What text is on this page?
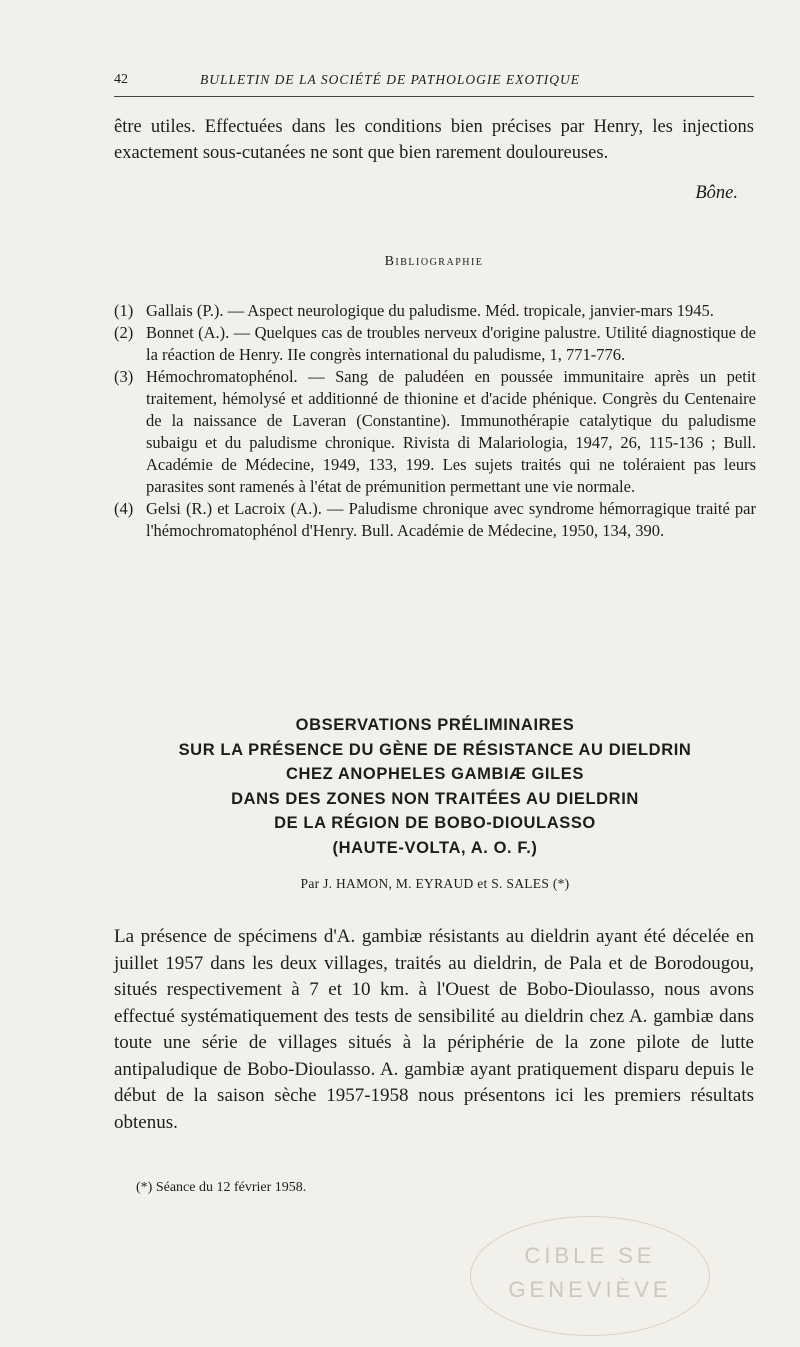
42	BULLETIN DE LA SOCIÉTÉ DE PATHOLOGIE EXOTIQUE

être utiles. Effectuées dans les conditions bien précises par Henry, les injections exactement sous-cutanées ne sont que bien rarement douloureuses.

Bône.
Bibliographie
(1) Gallais (P.). — Aspect neurologique du paludisme. Méd. tropicale, janvier-mars 1945.
(2) Bonnet (A.). — Quelques cas de troubles nerveux d'origine palustre. Utilité diagnostique de la réaction de Henry. IIe congrès international du paludisme, 1, 771-776.
(3) Hémochromatophénol. — Sang de paludéen en poussée immunitaire après un petit traitement, hémolysé et additionné de thionine et d'acide phénique. Congrès du Centenaire de la naissance de Laveran (Constantine). Immunothérapie catalytique du paludisme subaigu et du paludisme chronique. Rivista di Malariologia, 1947, 26, 115-136 ; Bull. Académie de Médecine, 1949, 133, 199. Les sujets traités qui ne toléraient pas leurs parasites sont ramenés à l'état de prémunition permettant une vie normale.
(4) Gelsi (R.) et Lacroix (A.). — Paludisme chronique avec syndrome hémorragique traité par l'hémochromatophénol d'Henry. Bull. Académie de Médecine, 1950, 134, 390.
OBSERVATIONS PRÉLIMINAIRES
SUR LA PRÉSENCE DU GÈNE DE RÉSISTANCE AU DIELDRIN
CHEZ ANOPHELES GAMBIÆ GILES
DANS DES ZONES NON TRAITÉES AU DIELDRIN
DE LA RÉGION DE BOBO-DIOULASSO
(HAUTE-VOLTA, A. O. F.)
Par J. HAMON, M. EYRAUD et S. SALES (*)

La présence de spécimens d'A. gambiæ résistants au dieldrin ayant été décelée en juillet 1957 dans les deux villages, traités au dieldrin, de Pala et de Borodougou, situés respectivement à 7 et 10 km. à l'Ouest de Bobo-Dioulasso, nous avons effectué systématiquement des tests de sensibilité au dieldrin chez A. gambiæ dans toute une série de villages situés à la périphérie de la zone pilote de lutte antipaludique de Bobo-Dioulasso. A. gambiæ ayant pratiquement disparu depuis le début de la saison sèche 1957-1958 nous présentons ici les premiers résultats obtenus.

(*) Séance du 12 février 1958.
CIBLE SE
GENEVIÈVE
